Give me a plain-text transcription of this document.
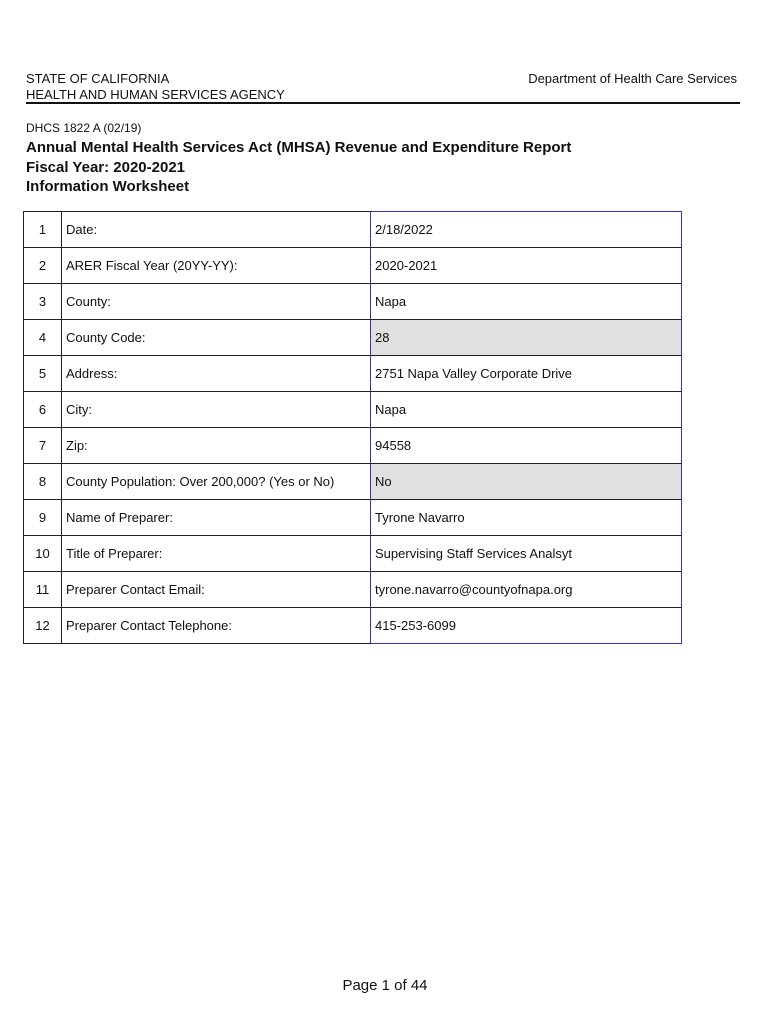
STATE OF CALIFORNIA
HEALTH AND HUMAN SERVICES AGENCY
Department of Health Care Services
DHCS 1822 A (02/19)
Annual Mental Health Services Act (MHSA) Revenue and Expenditure Report
Fiscal Year: 2020-2021
Information Worksheet
1	Date:	2/18/2022
2	ARER Fiscal Year (20YY-YY):	2020-2021
3	County:	Napa
4	County Code:	28
5	Address:	2751 Napa Valley Corporate Drive
6	City:	Napa
7	Zip:	94558
8	County Population: Over 200,000? (Yes or No)	No
9	Name of Preparer:	Tyrone Navarro
10	Title of Preparer:	Supervising Staff Services Analsyt
11	Preparer Contact Email:	tyrone.navarro@countyofnapa.org
12	Preparer Contact Telephone:	415-253-6099
Page 1 of 44
